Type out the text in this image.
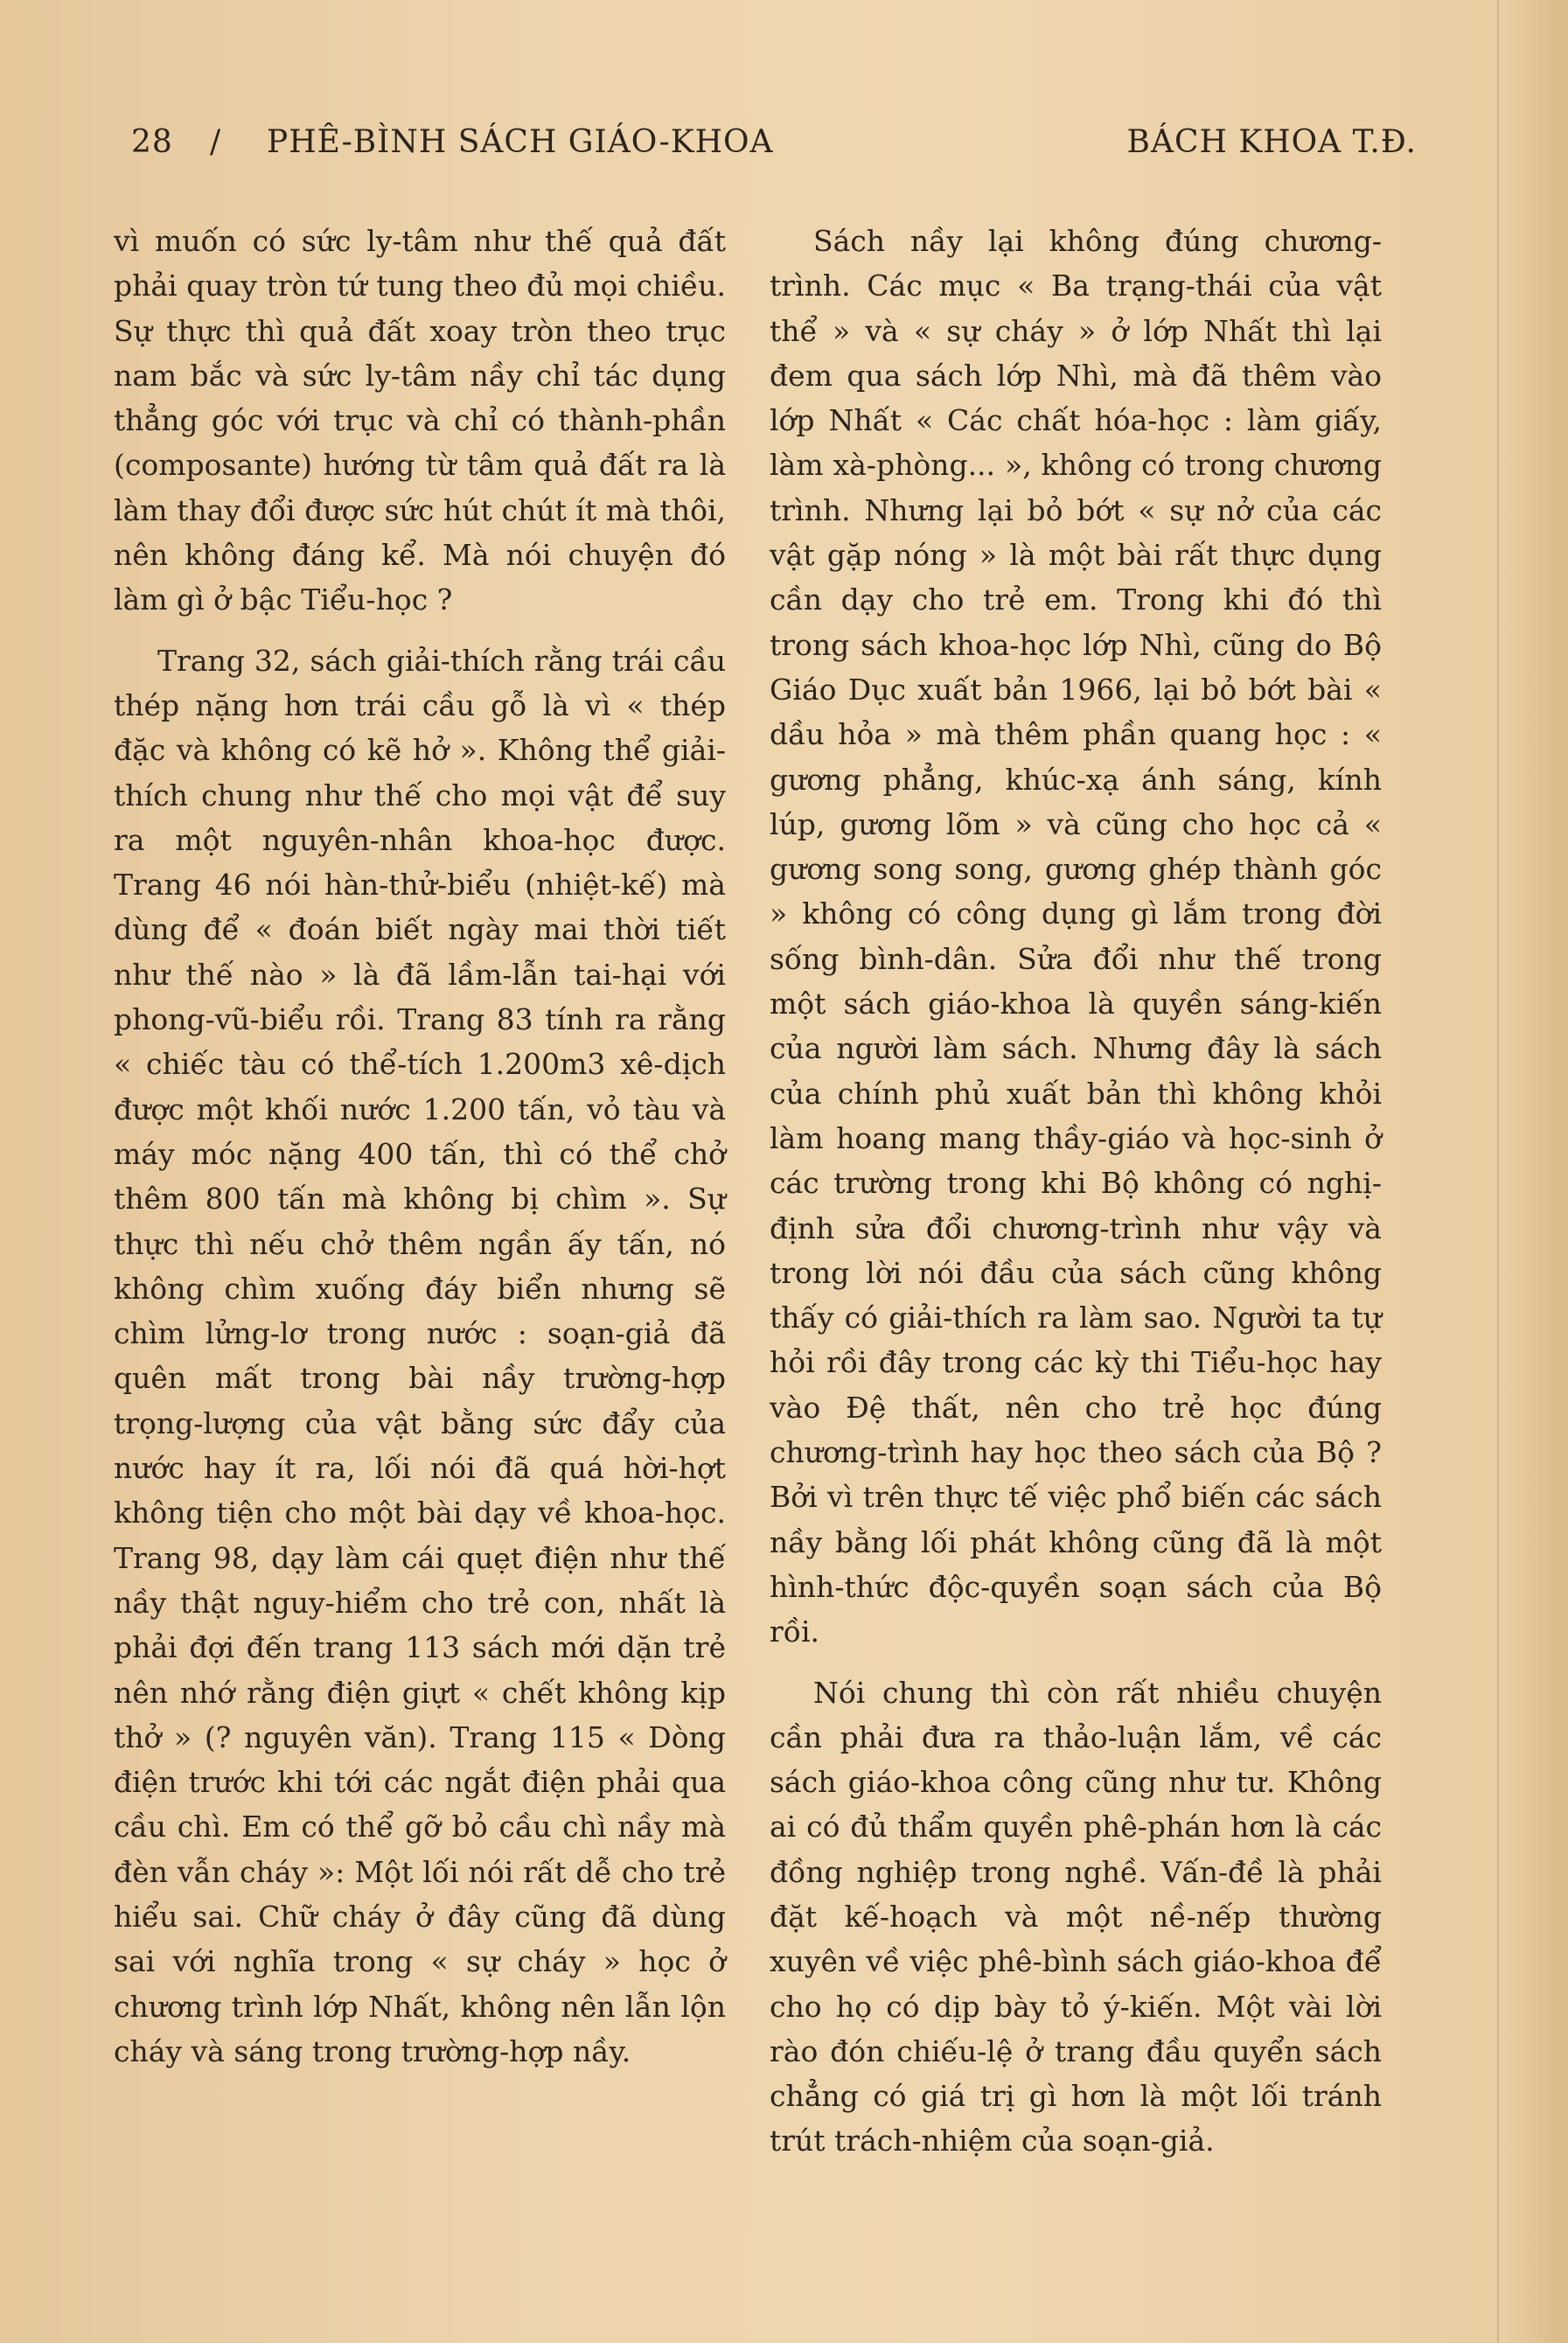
28 / PHÊ-BÌNH SÁCH GIÁO-KHOA	BÁCH KHOA T.Đ.

vì muốn có sức ly-tâm như thế quả đất phải quay tròn tứ tung theo đủ mọi chiều. Sự thực thì quả đất xoay tròn theo trục nam bắc và sức ly-tâm nầy chỉ tác dụng thẳng góc với trục và chỉ có thành-phần (composante) hướng từ tâm quả đất ra là làm thay đổi được sức hút chút ít mà thôi, nên không đáng kể. Mà nói chuyện đó làm gì ở bậc Tiểu-học ?

Trang 32, sách giải-thích rằng trái cầu thép nặng hơn trái cầu gỗ là vì « thép đặc và không có kẽ hở ». Không thể giải-thích chung như thế cho mọi vật để suy ra một nguyên-nhân khoa-học được. Trang 46 nói hàn-thử-biểu (nhiệt-kế) mà dùng để « đoán biết ngày mai thời tiết như thế nào » là đã lầm-lẫn tai-hại với phong-vũ-biểu rồi. Trang 83 tính ra rằng « chiếc tàu có thể-tích 1.200m3 xê-dịch được một khối nước 1.200 tấn, vỏ tàu và máy móc nặng 400 tấn, thì có thể chở thêm 800 tấn mà không bị chìm ». Sự thực thì nếu chở thêm ngần ấy tấn, nó không chìm xuống đáy biển nhưng sẽ chìm lửng-lơ trong nước : soạn-giả đã quên mất trong bài nầy trường-hợp trọng-lượng của vật bằng sức đẩy của nước hay ít ra, lối nói đã quá hời-hợt không tiện cho một bài dạy về khoa-học. Trang 98, dạy làm cái quẹt điện như thế nầy thật nguy-hiểm cho trẻ con, nhất là phải đợi đến trang 113 sách mới dặn trẻ nên nhớ rằng điện giựt « chết không kịp thở » (? nguyên văn). Trang 115 « Dòng điện trước khi tới các ngắt điện phải qua cầu chì. Em có thể gỡ bỏ cầu chì nầy mà đèn vẫn cháy »: Một lối nói rất dễ cho trẻ hiểu sai. Chữ cháy ở đây cũng đã dùng sai với nghĩa trong « sự cháy » học ở chương trình lớp Nhất, không nên lẫn lộn cháy và sáng trong trường-hợp nầy.

Sách nầy lại không đúng chương-trình. Các mục « Ba trạng-thái của vật thể » và « sự cháy » ở lớp Nhất thì lại đem qua sách lớp Nhì, mà đã thêm vào lớp Nhất « Các chất hóa-học : làm giấy, làm xà-phòng... », không có trong chương trình. Nhưng lại bỏ bớt « sự nở của các vật gặp nóng » là một bài rất thực dụng cần dạy cho trẻ em. Trong khi đó thì trong sách khoa-học lớp Nhì, cũng do Bộ Giáo Dục xuất bản 1966, lại bỏ bớt bài « dầu hỏa » mà thêm phần quang học : « gương phẳng, khúc-xạ ánh sáng, kính lúp, gương lõm » và cũng cho học cả « gương song song, gương ghép thành góc » không có công dụng gì lắm trong đời sống bình-dân. Sửa đổi như thế trong một sách giáo-khoa là quyền sáng-kiến của người làm sách. Nhưng đây là sách của chính phủ xuất bản thì không khỏi làm hoang mang thầy-giáo và học-sinh ở các trường trong khi Bộ không có nghị-định sửa đổi chương-trình như vậy và trong lời nói đầu của sách cũng không thấy có giải-thích ra làm sao. Người ta tự hỏi rồi đây trong các kỳ thi Tiểu-học hay vào Đệ thất, nên cho trẻ học đúng chương-trình hay học theo sách của Bộ ? Bởi vì trên thực tế việc phổ biến các sách nầy bằng lối phát không cũng đã là một hình-thức độc-quyền soạn sách của Bộ rồi.

Nói chung thì còn rất nhiều chuyện cần phải đưa ra thảo-luận lắm, về các sách giáo-khoa công cũng như tư. Không ai có đủ thẩm quyền phê-phán hơn là các đồng nghiệp trong nghề. Vấn-đề là phải đặt kế-hoạch và một nề-nếp thường xuyên về việc phê-bình sách giáo-khoa để cho họ có dịp bày tỏ ý-kiến. Một vài lời rào đón chiếu-lệ ở trang đầu quyển sách chẳng có giá trị gì hơn là một lối tránh trút trách-nhiệm của soạn-giả.
